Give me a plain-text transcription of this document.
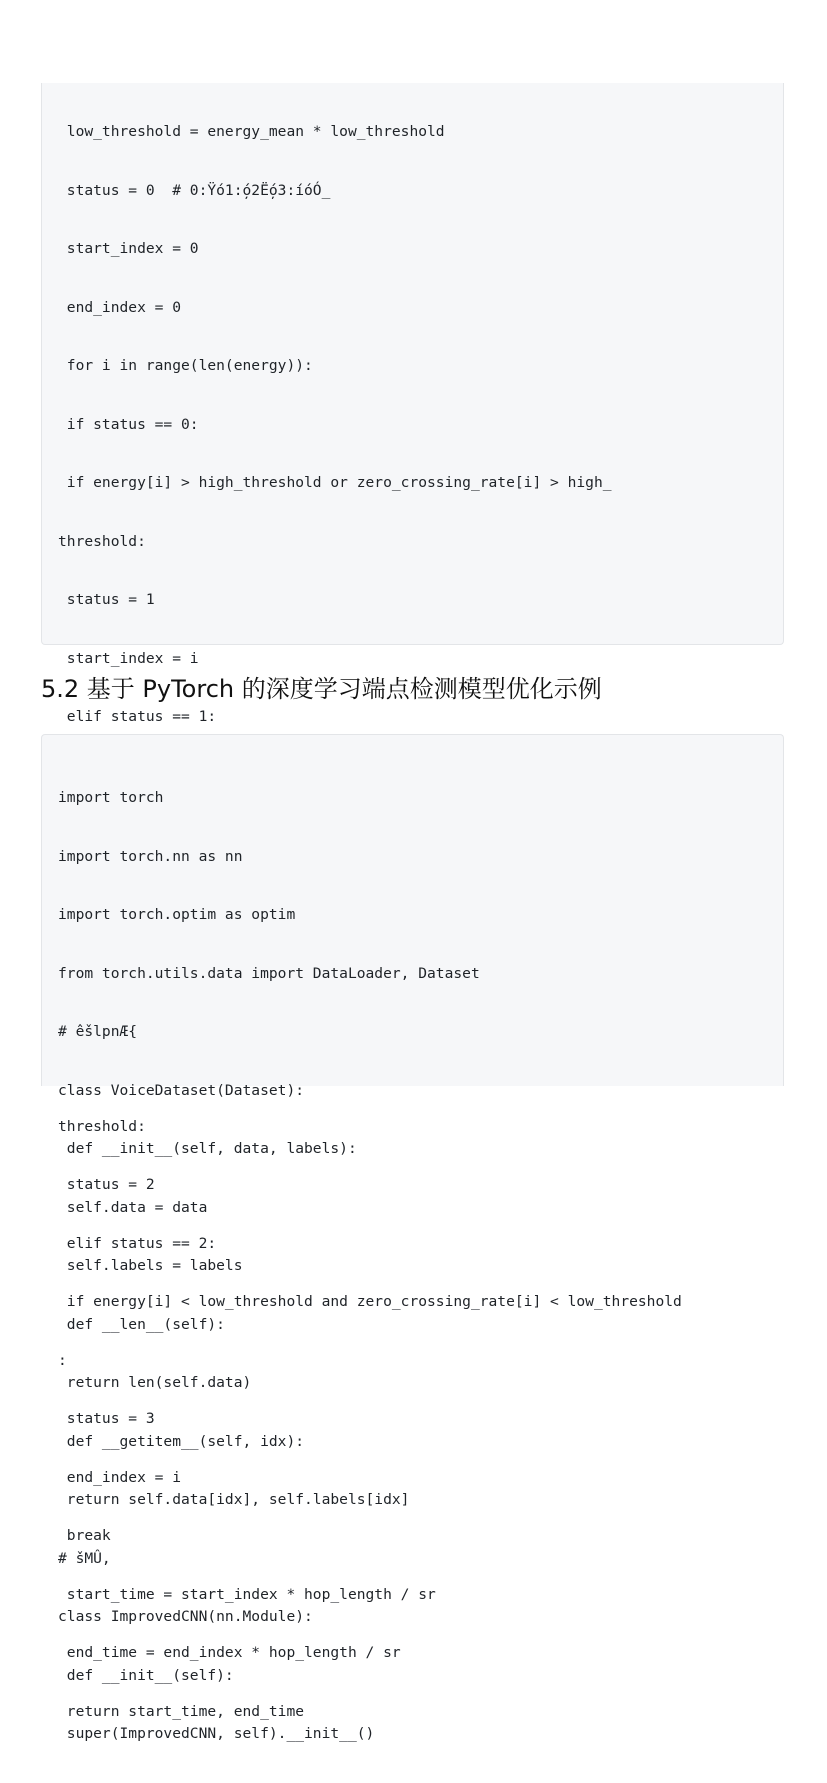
low_threshold = energy_mean * low_threshold

status = 0  # 0:Ÿó1:ó̦2Ëó̦3:íóÓ_

start_index = 0

end_index = 0

for i in range(len(energy)):

if status == 0:

if energy[i] > high_threshold or zero_crossing_rate[i] > high_

threshold:

status = 1

start_index = i

elif status == 1:

threshold:

status = 2

elif status == 2:

if energy[i] < low_threshold and zero_crossing_rate[i] < low_threshold

:

status = 3

end_index = i

break

start_time = start_index * hop_length / sr

end_time = end_index * hop_length / sr

return start_time, end_time

5.2 基于 PyTorch 的深度学习端点检测模型优化示例

import torch

import torch.nn as nn

import torch.optim as optim

from torch.utils.data import DataLoader, Dataset

# êšlpnÆ{

class VoiceDataset(Dataset):

def __init__(self, data, labels):

self.data = data

self.labels = labels

def __len__(self):

return len(self.data)

def __getitem__(self, idx):

return self.data[idx], self.labels[idx]

# šMÛ‚

class ImprovedCNN(nn.Module):

def __init__(self):

super(ImprovedCNN, self).__init__()
